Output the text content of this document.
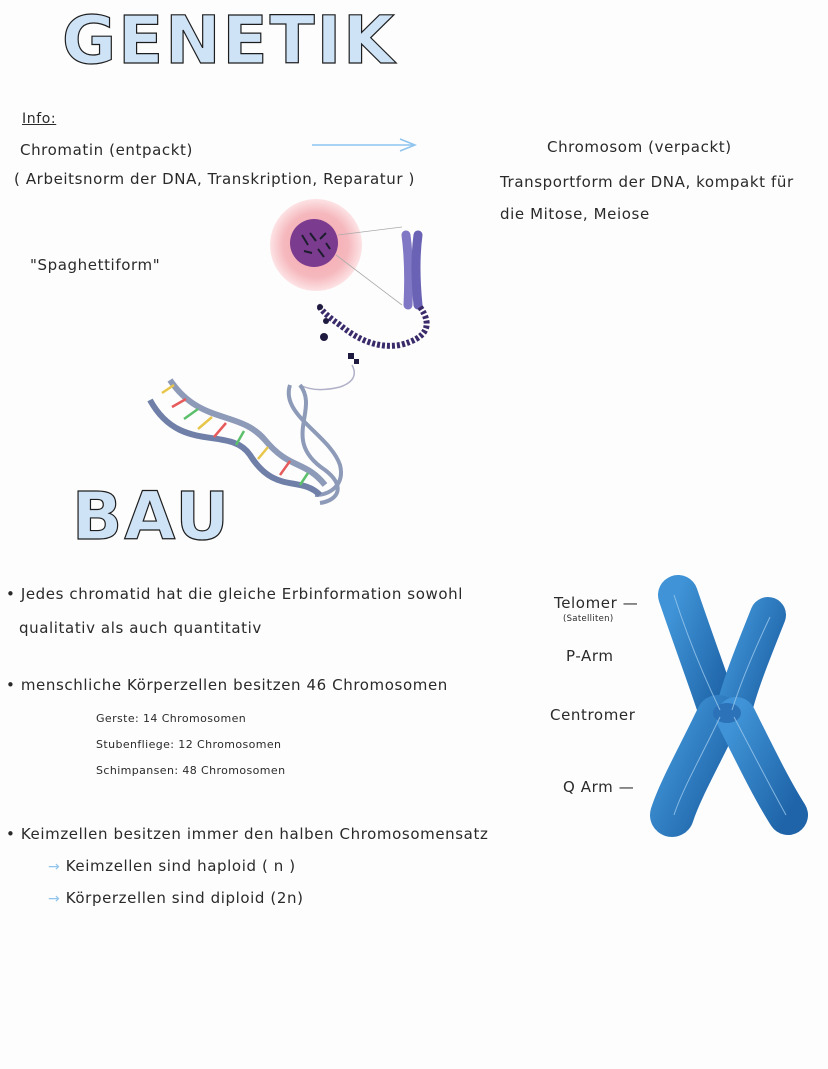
GENETIK
Info:
Chromatin (entpackt)
( Arbeitsnorm der DNA, Transkription, Reparatur )
"Spaghettiform"
Chromosom (verpackt)
Transportform der DNA, kompakt für
die Mitose, Meiose
BAU
• Jedes chromatid hat die gleiche Erbinformation sowohl
qualitativ als auch quantitativ
• menschliche Körperzellen besitzen 46 Chromosomen
Gerste: 14 Chromosomen
Stubenfliege: 12 Chromosomen
Schimpansen: 48 Chromosomen
• Keimzellen besitzen immer den halben Chromosomensatz
→ Keimzellen sind haploid ( n )
→ Körperzellen sind diploid (2n)
Telomer —
(Satelliten)
P-Arm
Centromer
Q Arm —
